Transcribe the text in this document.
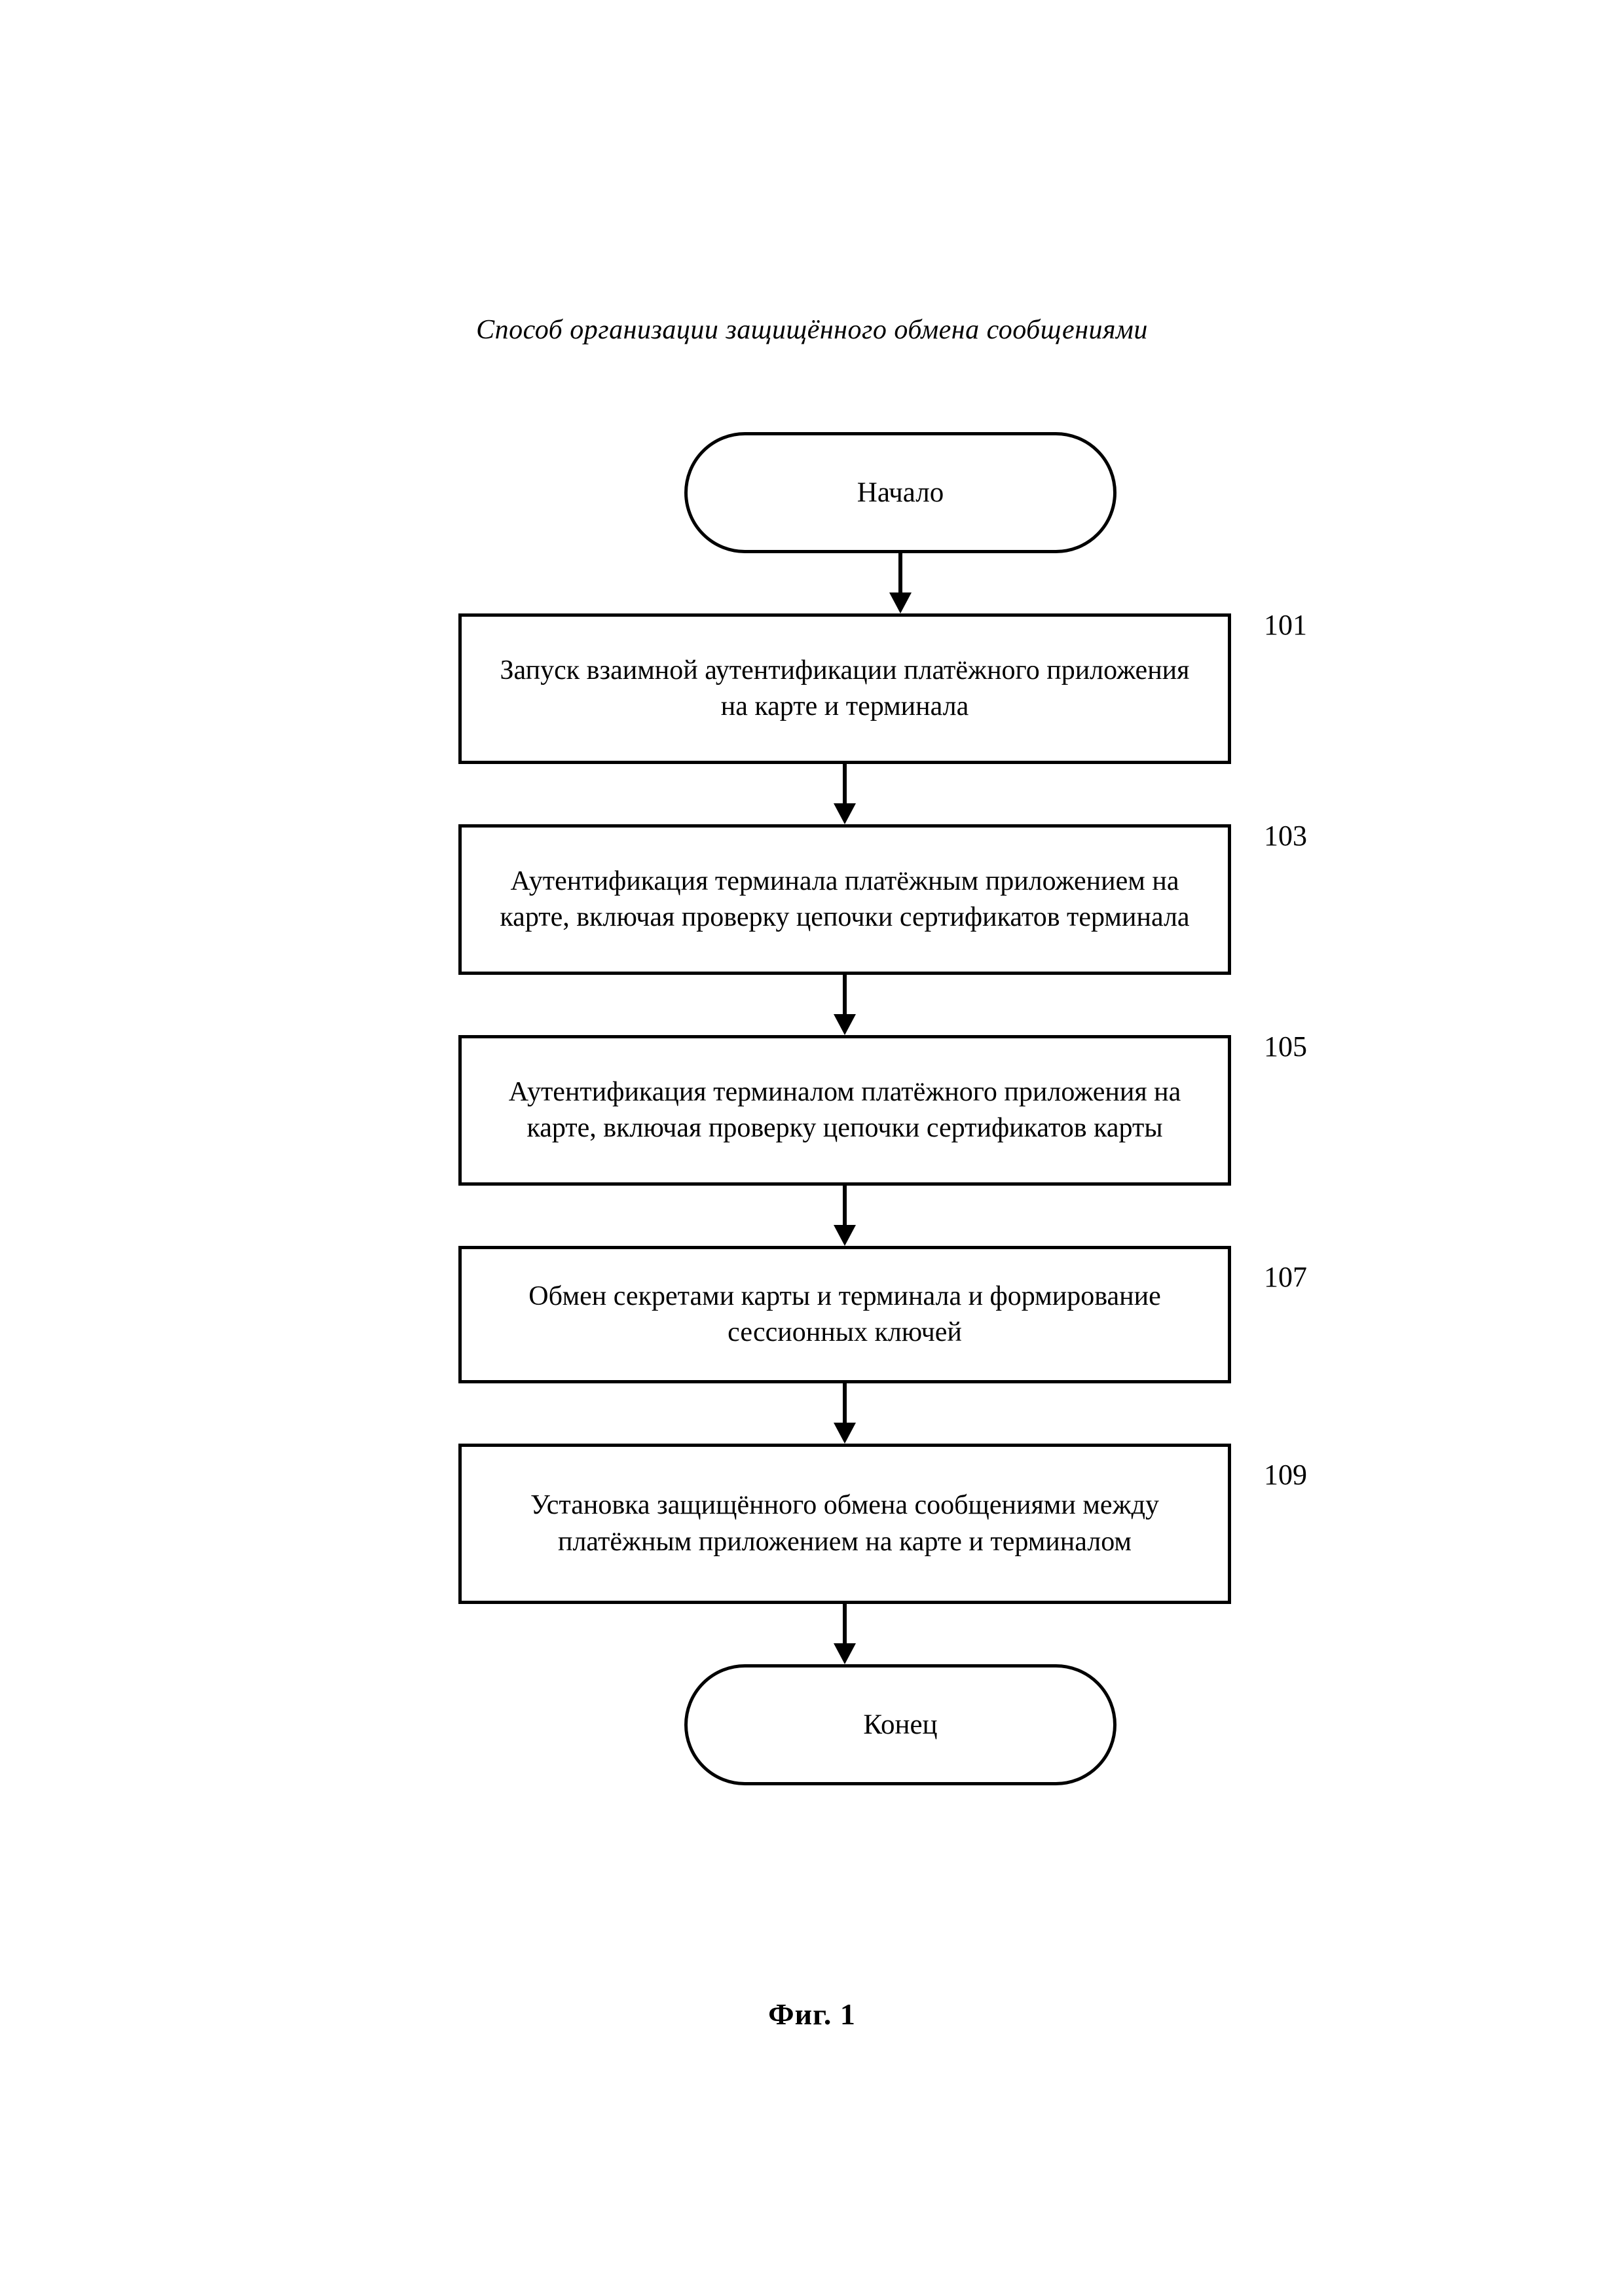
Способ организации защищённого обмена сообщениями
Начало
Запуск взаимной аутентификации платёжного приложения на карте и терминала
101
Аутентификация терминала платёжным приложением на карте, включая проверку цепочки сертификатов терминала
103
Аутентификация терминалом платёжного приложения на карте, включая проверку цепочки сертификатов карты
105
Обмен секретами карты и терминала и формирование сессионных ключей
107
Установка защищённого обмена сообщениями между платёжным приложением на карте и терминалом
109
Конец
Фиг. 1
